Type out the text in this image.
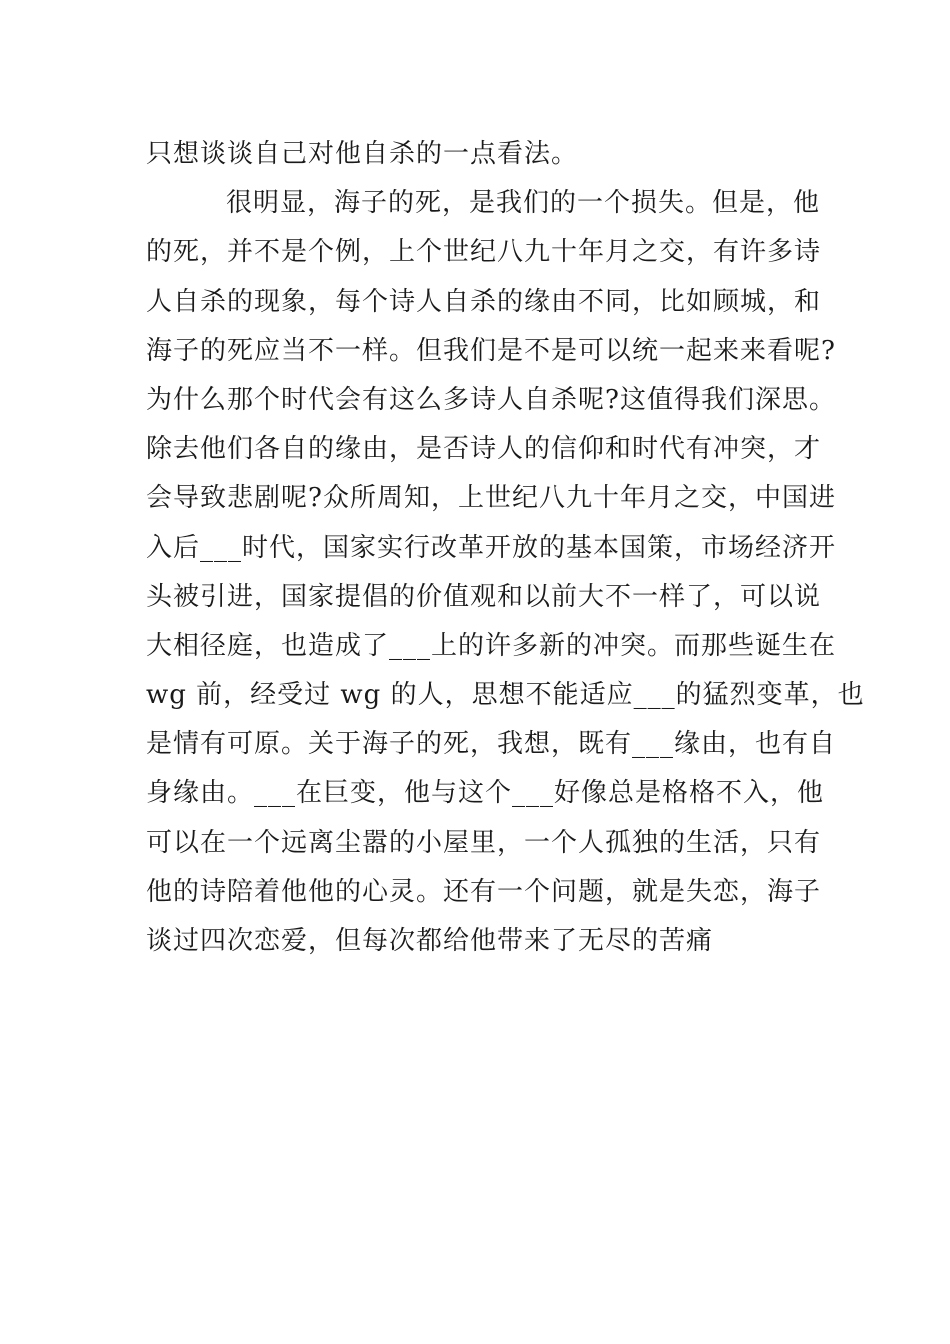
只想谈谈自己对他自杀的一点看法。
很明显，海子的死，是我们的一个损失。但是，他
的死，并不是个例，上个世纪八九十年月之交，有许多诗
人自杀的现象，每个诗人自杀的缘由不同，比如顾城，和
海子的死应当不一样。但我们是不是可以统一起来来看呢?
为什么那个时代会有这么多诗人自杀呢?这值得我们深思。
除去他们各自的缘由，是否诗人的信仰和时代有冲突，才
会导致悲剧呢?众所周知，上世纪八九十年月之交，中国进
入后___时代，国家实行改革开放的基本国策，市场经济开
头被引进，国家提倡的价值观和以前大不一样了，可以说
大相径庭，也造成了___上的许多新的冲突。而那些诞生在
wg 前，经受过 wg 的人，思想不能适应___的猛烈变革，也
是情有可原。关于海子的死，我想，既有___缘由，也有自
身缘由。___在巨变，他与这个___好像总是格格不入，他
可以在一个远离尘嚣的小屋里，一个人孤独的生活，只有
他的诗陪着他他的心灵。还有一个问题，就是失恋，海子
谈过四次恋爱，但每次都给他带来了无尽的苦痛
